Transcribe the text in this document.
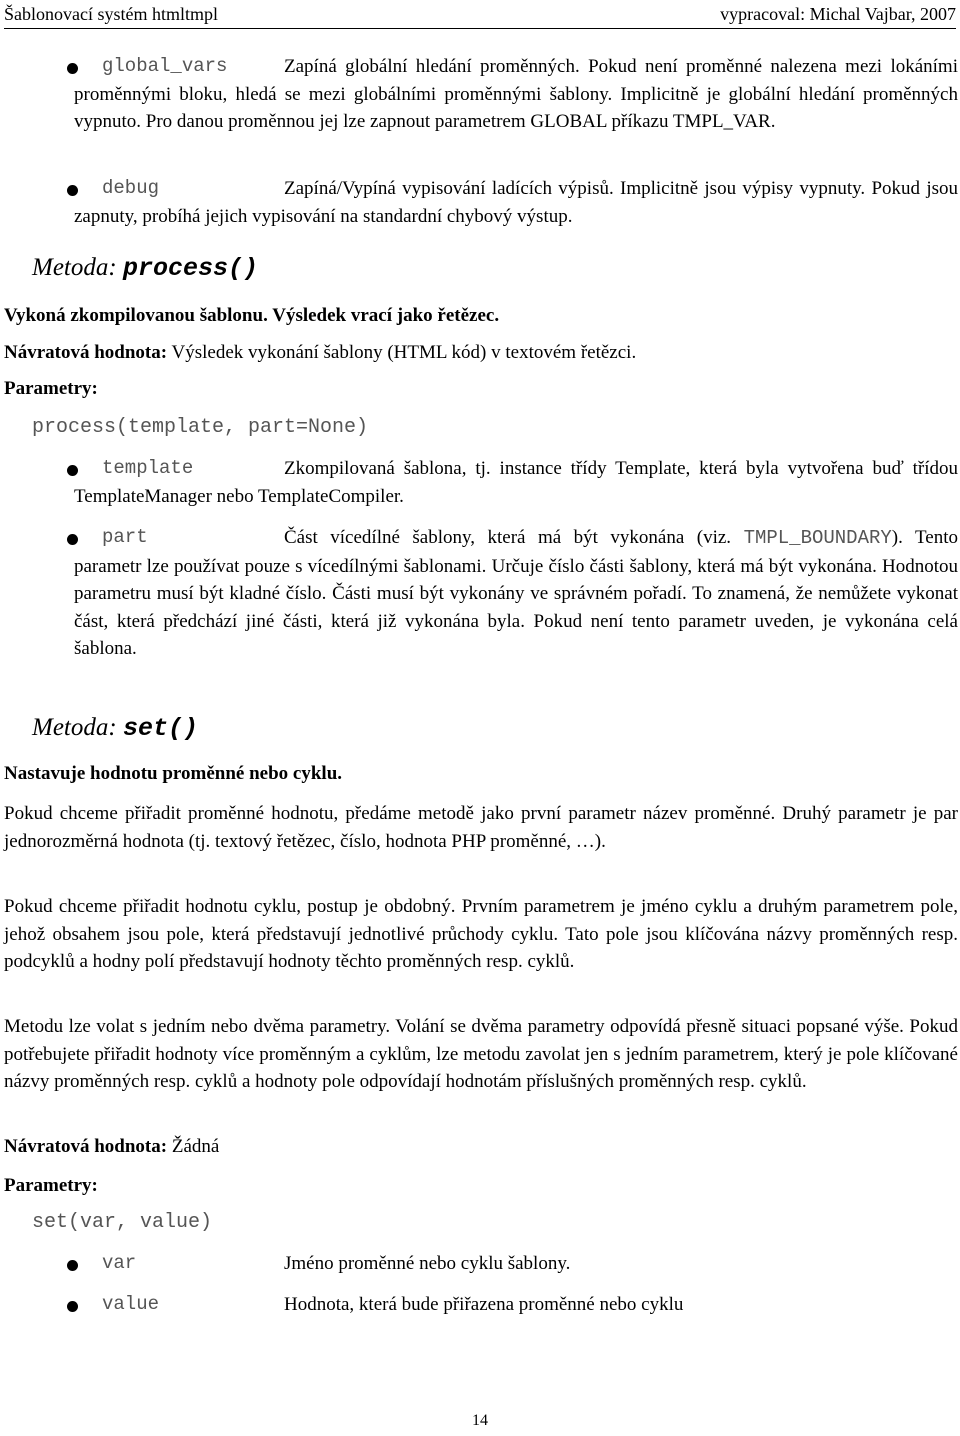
Šablonovací systém htmltmpl	vypracoval: Michal Vajbar, 2007
global_vars	Zapíná globální hledání proměnných. Pokud není proměnné nalezena mezi lokáními proměnnými bloku, hledá se mezi globálními proměnnými šablony. Implicitně je globální hledání proměnných vypnuto. Pro danou proměnnou jej lze zapnout parametrem GLOBAL příkazu TMPL_VAR.
debug	Zapíná/Vypíná vypisování ladících výpisů. Implicitně jsou výpisy vypnuty. Pokud jsou zapnuty, probíhá jejich vypisování na standardní chybový výstup.
Metoda: process()
Vykoná zkompilovanou šablonu. Výsledek vrací jako řetězec.
Návratová hodnota: Výsledek vykonání šablony (HTML kód) v textovém řetězci.
Parametry:
process(template, part=None)
template	Zkompilovaná šablona, tj. instance třídy Template, která byla vytvořena buď třídou TemplateManager nebo TemplateCompiler.
part	Část vícedílné šablony, která má být vykonána (viz. TMPL_BOUNDARY). Tento parametr lze používat pouze s vícedílnými šablonami. Určuje číslo části šablony, která má být vykonána. Hodnotou parametru musí být kladné číslo. Části musí být vykonány ve správném pořadí. To znamená, že nemůžete vykonat část, která předchází jiné části, která již vykonána byla. Pokud není tento parametr uveden, je vykonána celá šablona.
Metoda: set()
Nastavuje hodnotu proměnné nebo cyklu.
Pokud chceme přiřadit proměnné hodnotu, předáme metodě jako první parametr název proměnné. Druhý parametr je par jednorozměrná hodnota (tj. textový řetězec, číslo, hodnota PHP proměnné, …).
Pokud chceme přiřadit hodnotu cyklu, postup je obdobný. Prvním parametrem je jméno cyklu a druhým parametrem pole, jehož obsahem jsou pole, která představují jednotlivé průchody cyklu. Tato pole jsou klíčována názvy proměnných resp. podcyklů a hodny polí představují hodnoty těchto proměnných resp. cyklů.
Metodu lze volat s jedním nebo dvěma parametry. Volání se dvěma parametry odpovídá přesně situaci popsané výše. Pokud potřebujete přiřadit hodnoty více proměnným a cyklům, lze metodu zavolat jen s jedním parametrem, který je pole klíčované názvy proměnných resp. cyklů a hodnoty pole odpovídají hodnotám příslušných proměnných resp. cyklů.
Návratová hodnota: Žádná
Parametry:
set(var, value)
var	Jméno proměnné nebo cyklu šablony.
value	Hodnota, která bude přiřazena proměnné nebo cyklu
14
